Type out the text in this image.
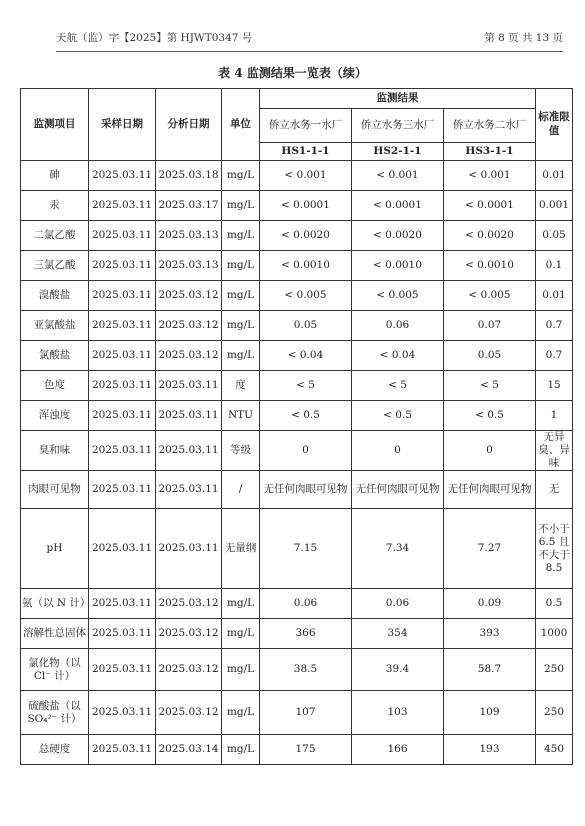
天航（监）字【2025】第 HJWT0347 号	第 8 页 共 13 页
表 4 监测结果一览表（续）
监测项目	采样日期	分析日期	单位	监测结果			标准限值
				侨立水务一水厂	侨立水务三水厂	侨立水务二水厂	
				HS1-1-1	HS2-1-1	HS3-1-1	
砷	2025.03.11	2025.03.18	mg/L	< 0.001	< 0.001	< 0.001	0.01
汞	2025.03.11	2025.03.17	mg/L	< 0.0001	< 0.0001	< 0.0001	0.001
二氯乙酸	2025.03.11	2025.03.13	mg/L	< 0.0020	< 0.0020	< 0.0020	0.05
三氯乙酸	2025.03.11	2025.03.13	mg/L	< 0.0010	< 0.0010	< 0.0010	0.1
溴酸盐	2025.03.11	2025.03.12	mg/L	< 0.005	< 0.005	< 0.005	0.01
亚氯酸盐	2025.03.11	2025.03.12	mg/L	0.05	0.06	0.07	0.7
氯酸盐	2025.03.11	2025.03.12	mg/L	< 0.04	< 0.04	0.05	0.7
色度	2025.03.11	2025.03.11	度	< 5	< 5	< 5	15
浑浊度	2025.03.11	2025.03.11	NTU	< 0.5	< 0.5	< 0.5	1
臭和味	2025.03.11	2025.03.11	等级	0	0	0	无异臭、异味
肉眼可见物	2025.03.11	2025.03.11	/	无任何肉眼可见物	无任何肉眼可见物	无任何肉眼可见物	无
pH	2025.03.11	2025.03.11	无量纲	7.15	7.34	7.27	不小于 6.5 且不大于 8.5
氨（以 N 计）	2025.03.11	2025.03.12	mg/L	0.06	0.06	0.09	0.5
溶解性总固体	2025.03.11	2025.03.12	mg/L	366	354	393	1000
氯化物（以 Cl⁻ 计）	2025.03.11	2025.03.12	mg/L	38.5	39.4	58.7	250
硫酸盐（以 SO₄²⁻ 计）	2025.03.11	2025.03.12	mg/L	107	103	109	250
总硬度	2025.03.11	2025.03.14	mg/L	175	166	193	450
